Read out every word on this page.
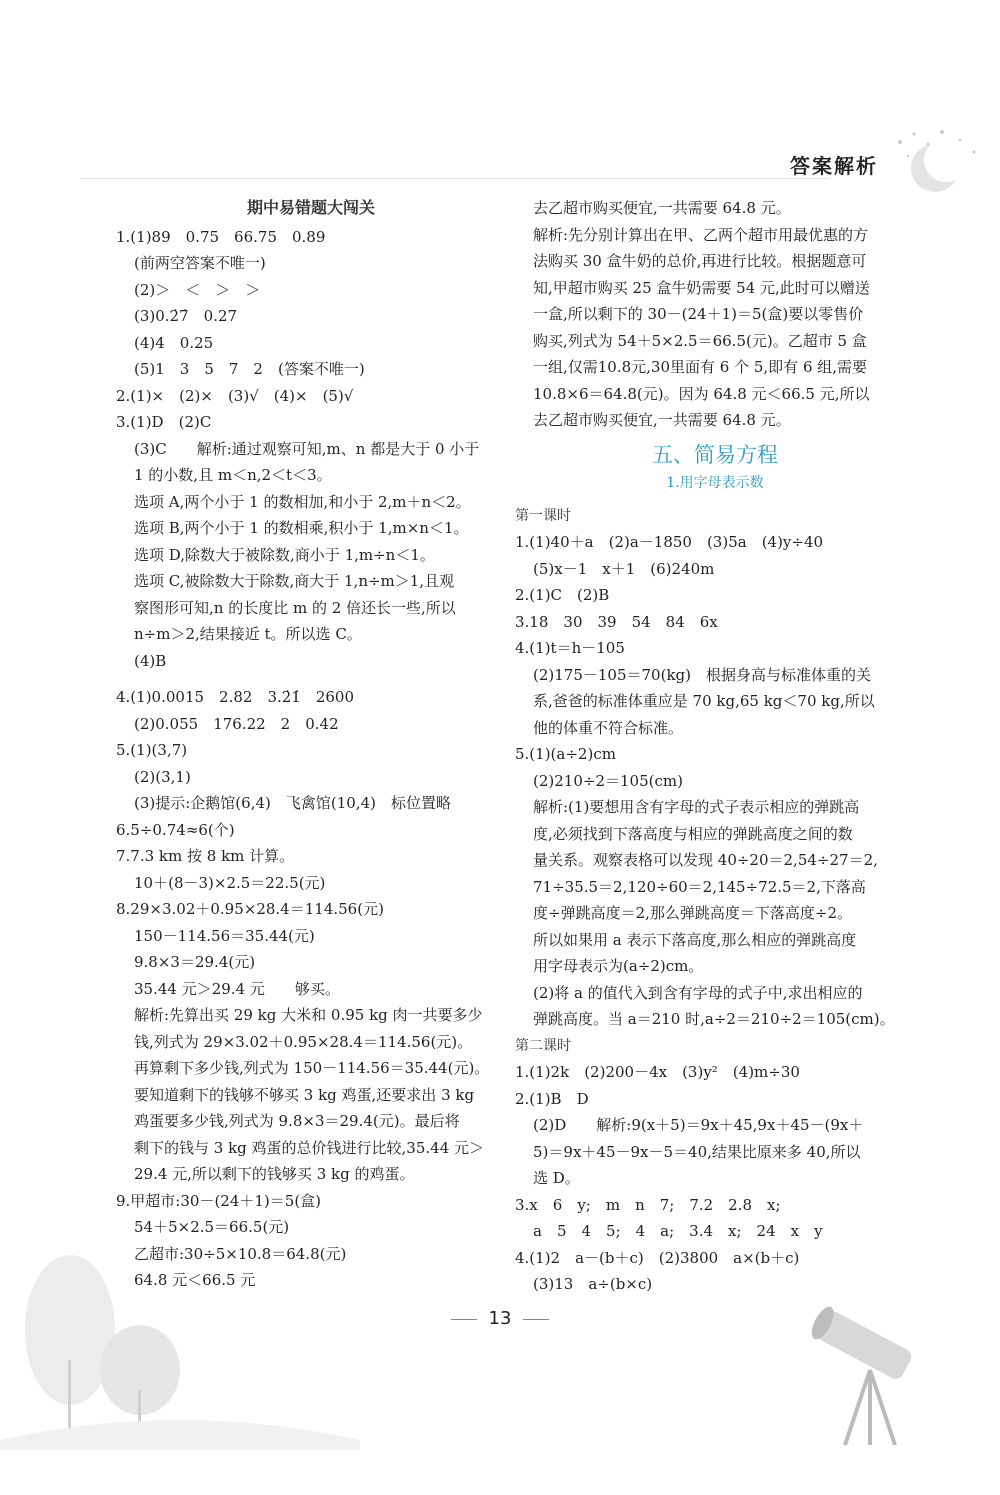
答案解析
期中易错题大闯关
1.(1)89　0.75　66.75　0.89
(前两空答案不唯一)
(2)＞　＜　＞　＞
(3)0.2̇7̇　0.27
(4)4　0.25
(5)1　3　5　7　2　(答案不唯一)
2.(1)×　(2)×　(3)√　(4)×　(5)√
3.(1)D　(2)C
(3)C　　解析:通过观察可知,m、n 都是大于 0 小于
1 的小数,且 m＜n,2＜t＜3。
选项 A,两个小于 1 的数相加,和小于 2,m＋n＜2。
选项 B,两个小于 1 的数相乘,积小于 1,m×n＜1。
选项 D,除数大于被除数,商小于 1,m÷n＜1。
选项 C,被除数大于除数,商大于 1,n÷m＞1,且观
察图形可知,n 的长度比 m 的 2 倍还长一些,所以
n÷m＞2,结果接近 t。所以选 C。
(4)B
4.(1)0.0015　2.82　3.2̇1̇　2600
(2)0.055　176.22　2　0.42
5.(1)(3,7)
(2)(3,1)
(3)提示:企鹅馆(6,4)　飞禽馆(10,4)　标位置略
6.5÷0.74≈6(个)
7.7.3 km 按 8 km 计算。
10＋(8－3)×2.5＝22.5(元)
8.29×3.02＋0.95×28.4＝114.56(元)
150－114.56＝35.44(元)
9.8×3＝29.4(元)
35.44 元＞29.4 元　　够买。
解析:先算出买 29 kg 大米和 0.95 kg 肉一共要多少
钱,列式为 29×3.02＋0.95×28.4＝114.56(元)。
再算剩下多少钱,列式为 150－114.56＝35.44(元)。
要知道剩下的钱够不够买 3 kg 鸡蛋,还要求出 3 kg
鸡蛋要多少钱,列式为 9.8×3＝29.4(元)。最后将
剩下的钱与 3 kg 鸡蛋的总价钱进行比较,35.44 元＞
29.4 元,所以剩下的钱够买 3 kg 的鸡蛋。
9.甲超市:30－(24＋1)＝5(盒)
54＋5×2.5＝66.5(元)
乙超市:30÷5×10.8＝64.8(元)
64.8 元＜66.5 元
去乙超市购买便宜,一共需要 64.8 元。
解析:先分别计算出在甲、乙两个超市用最优惠的方
法购买 30 盒牛奶的总价,再进行比较。根据题意可
知,甲超市购买 25 盒牛奶需要 54 元,此时可以赠送
一盒,所以剩下的 30－(24＋1)＝5(盒)要以零售价
购买,列式为 54＋5×2.5＝66.5(元)。乙超市 5 盒
一组,仅需10.8元,30里面有 6 个 5,即有 6 组,需要
10.8×6＝64.8(元)。因为 64.8 元＜66.5 元,所以
去乙超市购买便宜,一共需要 64.8 元。
五、简易方程
1.用字母表示数
第一课时
1.(1)40＋a　(2)a－1850　(3)5a　(4)y÷40
(5)x－1　x＋1　(6)240m
2.(1)C　(2)B
3.18　30　39　54　84　6x
4.(1)t＝h－105
(2)175－105＝70(kg)　根据身高与标准体重的关
系,爸爸的标准体重应是 70 kg,65 kg＜70 kg,所以
他的体重不符合标准。
5.(1)(a÷2)cm
(2)210÷2＝105(cm)
解析:(1)要想用含有字母的式子表示相应的弹跳高
度,必须找到下落高度与相应的弹跳高度之间的数
量关系。观察表格可以发现 40÷20＝2,54÷27＝2,
71÷35.5＝2,120÷60＝2,145÷72.5＝2,下落高
度÷弹跳高度＝2,那么弹跳高度＝下落高度÷2。
所以如果用 a 表示下落高度,那么相应的弹跳高度
用字母表示为(a÷2)cm。
(2)将 a 的值代入到含有字母的式子中,求出相应的
弹跳高度。当 a＝210 时,a÷2＝210÷2＝105(cm)。
第二课时
1.(1)2k　(2)200－4x　(3)y²　(4)m÷30
2.(1)B　D
(2)D　　解析:9(x＋5)＝9x＋45,9x＋45－(9x＋
5)＝9x＋45－9x－5＝40,结果比原来多 40,所以
选 D。
3.x　6　y;　m　n　7;　7.2　2.8　x;
a　5　4　5;　4　a;　3.4　x;　24　x　y
4.(1)2　a－(b＋c)　(2)3800　a×(b＋c)
(3)13　a÷(b×c)
13
